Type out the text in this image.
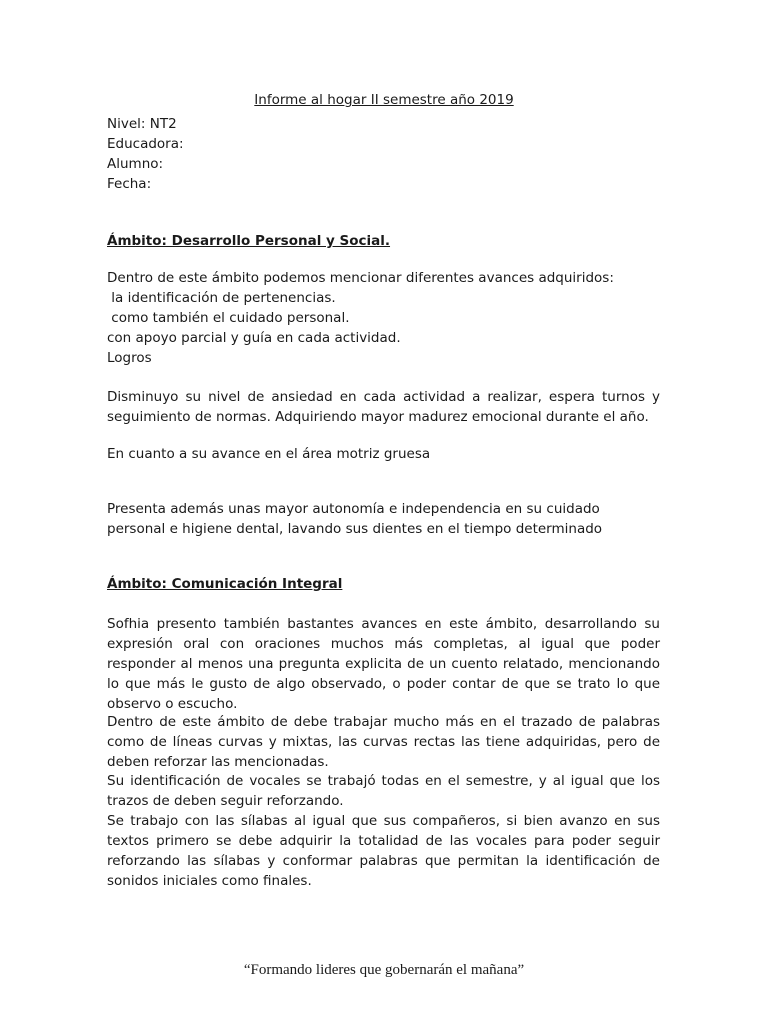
Informe al hogar II semestre año 2019
Nivel: NT2
Educadora:
Alumno:
Fecha:
Ámbito: Desarrollo Personal y Social.
Dentro de este ámbito podemos mencionar diferentes avances adquiridos:
la identificación de pertenencias.
como también el cuidado personal.
con apoyo parcial y guía en cada actividad.
Logros
Disminuyo su nivel de ansiedad en cada actividad a realizar, espera turnos y seguimiento de normas. Adquiriendo mayor madurez emocional durante el año.
En cuanto a su avance en el área motriz gruesa
Presenta además unas mayor autonomía e independencia en su cuidado personal e higiene dental, lavando sus dientes en el tiempo determinado
Ámbito: Comunicación Integral
Sofhia presento también bastantes avances en este ámbito, desarrollando su expresión oral con oraciones muchos más completas, al igual que poder responder al menos una pregunta explicita de un cuento relatado, mencionando lo que más le gusto de algo observado, o poder contar de que se trato lo que observo o escucho.
Dentro de este ámbito de debe trabajar mucho más en el trazado de palabras como de líneas curvas y mixtas, las curvas rectas las tiene adquiridas, pero de deben reforzar las mencionadas.
Su identificación de vocales se trabajó todas en el semestre, y al igual que los trazos de deben seguir reforzando.
Se trabajo con las sílabas al igual que sus compañeros, si bien avanzo en sus textos primero se debe adquirir la totalidad de las vocales para poder seguir reforzando las sílabas y conformar palabras que permitan la identificación de sonidos iniciales como finales.
“Formando lideres que gobernarán el mañana”
